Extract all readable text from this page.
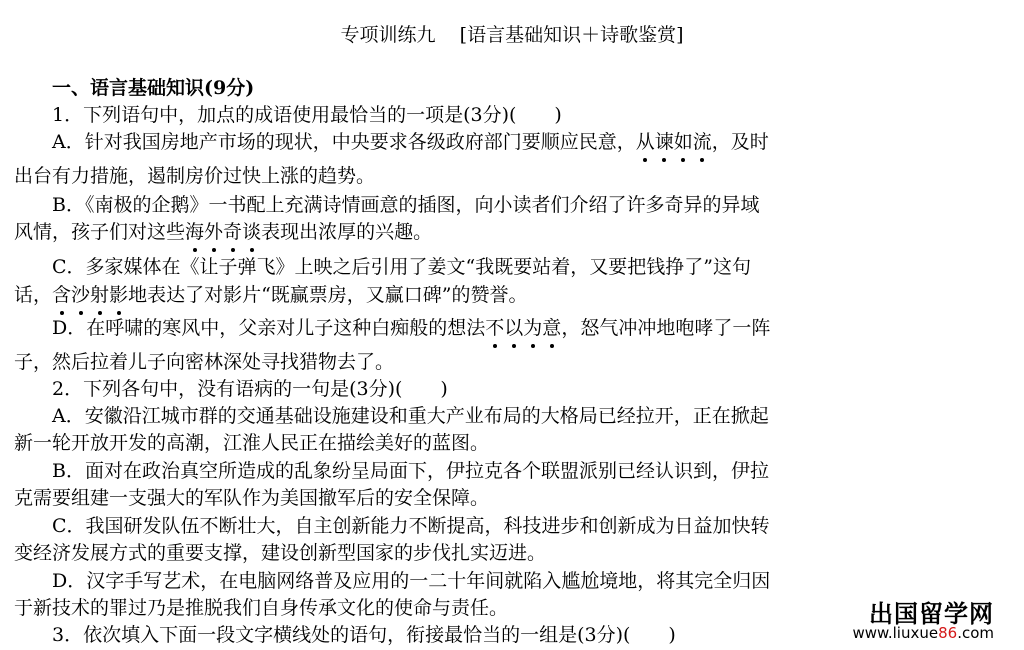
专项训练九 [语言基础知识＋诗歌鉴赏]
一、语言基础知识(9分)
1．下列语句中，加点的成语使用最恰当的一项是(3分)(　　)
A．针对我国房地产市场的现状，中央要求各级政府部门要顺应民意，从谏如流，及时
出台有力措施，遏制房价过快上涨的趋势。
B．《南极的企鹅》一书配上充满诗情画意的插图，向小读者们介绍了许多奇异的异域
风情，孩子们对这些海外奇谈表现出浓厚的兴趣。
C．多家媒体在《让子弹飞》上映之后引用了姜文“我既要站着，又要把钱挣了”这句
话，含沙射影地表达了对影片“既赢票房，又赢口碑”的赞誉。
D．在呼啸的寒风中，父亲对儿子这种白痴般的想法不以为意，怒气冲冲地咆哮了一阵
子，然后拉着儿子向密林深处寻找猎物去了。
2．下列各句中，没有语病的一句是(3分)(　　)
A．安徽沿江城市群的交通基础设施建设和重大产业布局的大格局已经拉开，正在掀起
新一轮开放开发的高潮，江淮人民正在描绘美好的蓝图。
B．面对在政治真空所造成的乱象纷呈局面下，伊拉克各个联盟派别已经认识到，伊拉
克需要组建一支强大的军队作为美国撤军后的安全保障。
C．我国研发队伍不断壮大，自主创新能力不断提高，科技进步和创新成为日益加快转
变经济发展方式的重要支撑，建设创新型国家的步伐扎实迈进。
D．汉字手写艺术，在电脑网络普及应用的一二十年间就陷入尴尬境地，将其完全归因
于新技术的罪过乃是推脱我们自身传承文化的使命与责任。
3．依次填入下面一段文字横线处的语句，衔接最恰当的一组是(3分)(　　)
出国留学网
www.liuxue86.com
